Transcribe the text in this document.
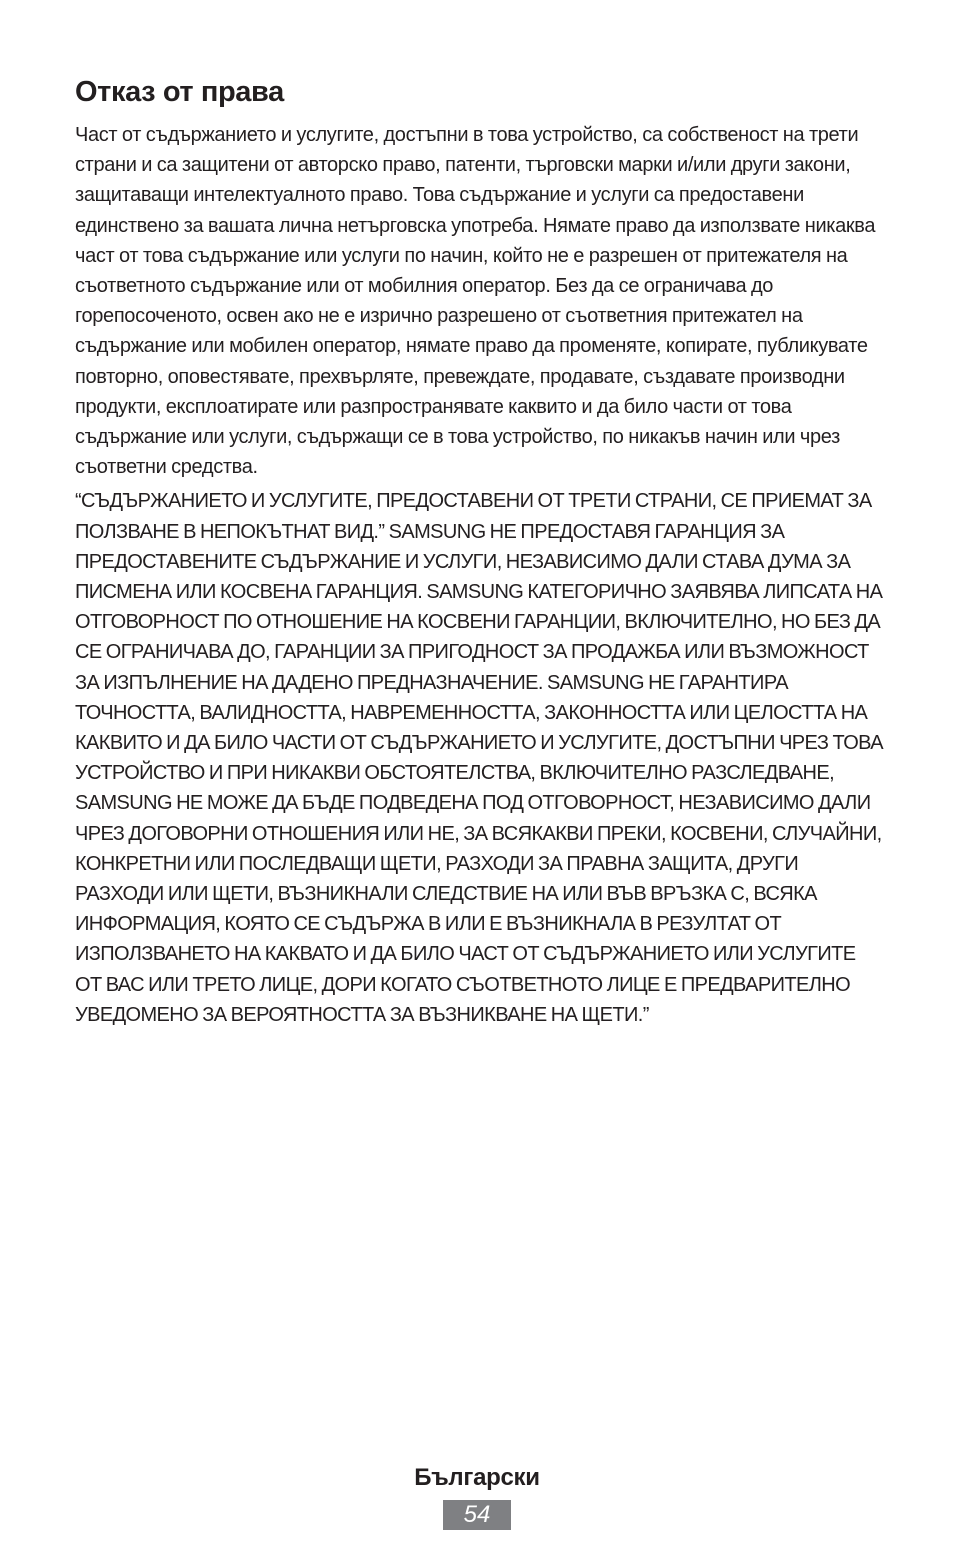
Отказ от права

Част от съдържанието и услугите, достъпни в това устройство, са собственост на трети страни и са защитени от авторско право, патенти, търговски марки и/или други закони, защитаващи интелектуалното право. Това съдържание и услуги са предоставени единствено за вашата лична нетърговска употреба. Нямате право да използвате никаква част от това съдържание или услуги по начин, който не е разрешен от притежателя на съответното съдържание или от мобилния оператор. Без да се ограничава до горепосоченото, освен ако не е изрично разрешено от съответния притежател на съдържание или мобилен оператор, нямате право да променяте, копирате, публикувате повторно, оповестявате, прехвърляте, превеждате, продавате, създавате производни продукти, експлоатирате или разпространявате каквито и да било части от това съдържание или услуги, съдържащи се в това устройство, по никакъв начин или чрез съответни средства.

“СЪДЪРЖАНИЕТО И УСЛУГИТЕ, ПРЕДОСТАВЕНИ ОТ ТРЕТИ СТРАНИ, СЕ ПРИЕМАТ ЗА ПОЛЗВАНЕ В НЕПОКЪТНАТ ВИД.” SAMSUNG НЕ ПРЕДОСТАВЯ ГАРАНЦИЯ ЗА ПРЕДОСТАВЕНИТЕ СЪДЪРЖАНИЕ И УСЛУГИ, НЕЗАВИСИМО ДАЛИ СТАВА ДУМА ЗА ПИСМЕНА ИЛИ КОСВЕНА ГАРАНЦИЯ. SAMSUNG КАТЕГОРИЧНО ЗАЯВЯВА ЛИПСАТА НА ОТГОВОРНОСТ ПО ОТНОШЕНИЕ НА КОСВЕНИ ГАРАНЦИИ, ВКЛЮЧИТЕЛНО, НО БЕЗ ДА СЕ ОГРАНИЧАВА ДО, ГАРАНЦИИ ЗА ПРИГОДНОСТ ЗА ПРОДАЖБА ИЛИ ВЪЗМОЖНОСТ ЗА ИЗПЪЛНЕНИЕ НА ДАДЕНО ПРЕДНАЗНАЧЕНИЕ. SAMSUNG НЕ ГАРАНТИРА ТОЧНОСТТА, ВАЛИДНОСТТА, НАВРЕМЕННОСТТА, ЗАКОННОСТТА ИЛИ ЦЕЛОСТТА НА КАКВИТО И ДА БИЛО ЧАСТИ ОТ СЪДЪРЖАНИЕТО И УСЛУГИТЕ, ДОСТЪПНИ ЧРЕЗ ТОВА УСТРОЙСТВО И ПРИ НИКАКВИ ОБСТОЯТЕЛСТВА, ВКЛЮЧИТЕЛНО РАЗСЛЕДВАНЕ, SAMSUNG НЕ МОЖЕ ДА БЪДЕ ПОДВЕДЕНА ПОД ОТГОВОРНОСТ, НЕЗАВИСИМО ДАЛИ ЧРЕЗ ДОГОВОРНИ ОТНОШЕНИЯ ИЛИ НЕ, ЗА ВСЯКАКВИ ПРЕКИ, КОСВЕНИ, СЛУЧАЙНИ, КОНКРЕТНИ ИЛИ ПОСЛЕДВАЩИ ЩЕТИ, РАЗХОДИ ЗА ПРАВНА ЗАЩИТА, ДРУГИ РАЗХОДИ ИЛИ ЩЕТИ, ВЪЗНИКНАЛИ СЛЕДСТВИЕ НА ИЛИ ВЪВ ВРЪЗКА С, ВСЯКА ИНФОРМАЦИЯ, КОЯТО СЕ СЪДЪРЖА В ИЛИ Е ВЪЗНИКНАЛА В РЕЗУЛТАТ ОТ ИЗПОЛЗВАНЕТО НА КАКВАТО И ДА БИЛО ЧАСТ ОТ СЪДЪРЖАНИЕТО ИЛИ УСЛУГИТЕ ОТ ВАС ИЛИ ТРЕТО ЛИЦЕ, ДОРИ КОГАТО СЪОТВЕТНОТО ЛИЦЕ Е ПРЕДВАРИТЕЛНО УВЕДОМЕНО ЗА ВЕРОЯТНОСТТА ЗА ВЪЗНИКВАНЕ НА ЩЕТИ.”

Български
54
